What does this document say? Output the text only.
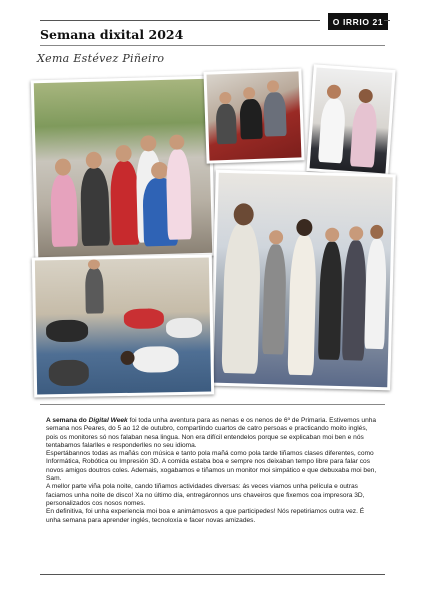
O IRRIO 21
Semana dixital 2024
Xema Estévez Piñeiro

A semana do Digital Week foi toda unha aventura para as nenas e os nenos de 6º de Primaria. Estivemos unha semana nos Peares, do 5 ao 12 de outubro, compartindo cuartos de catro persoas e practicando moito inglés, pois os monitores só nos falaban nesa lingua. Non era difícil entendelos porque se explicaban moi ben e nós tentabamos falarlles e responderlles no seu idioma.

Espertábannos todas as mañás con música e tanto pola mañá como pola tarde tiñamos clases diferentes, como Informática, Robótica ou Impresión 3D. A comida estaba boa e sempre nos deixaban tempo libre para falar cos novos amigos doutros coles. Ademais, xogabamos e tiñamos un monitor moi simpático e que debuxaba moi ben, Sam.

A mellor parte viña pola noite, cando tiñamos actividades diversas: ás veces viamos unha película e outras faciamos unha noite de disco! Xa no último día, entregáronnos uns chaveiros que fixemos coa impresora 3D, personalizados cos nosos nomes.

En definitiva, foi unha experiencia moi boa e animámosvos a que participedes! Nós repetiriamos outra vez. É unha semana para aprender inglés, tecnoloxía e facer novas amizades.
